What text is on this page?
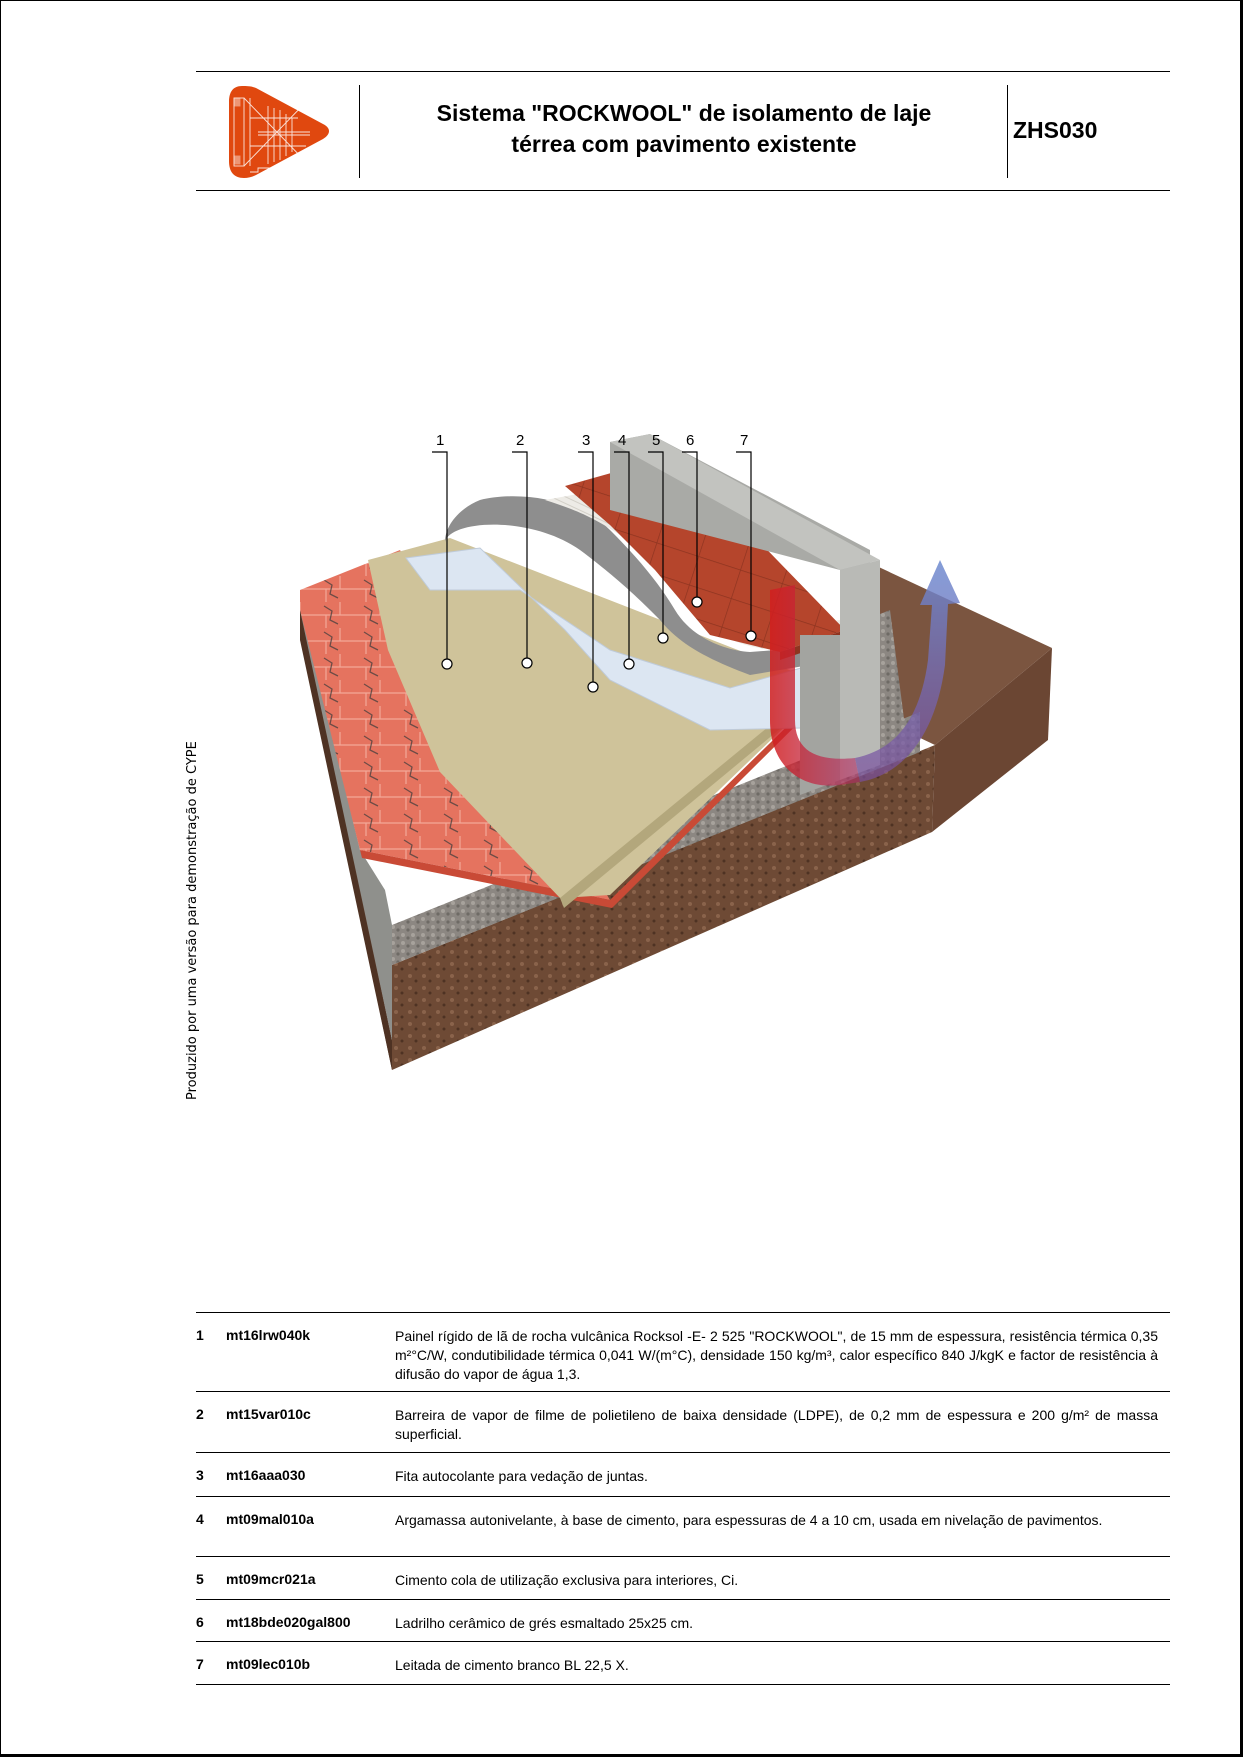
Sistema "ROCKWOOL" de isolamento de laje
térrea com pavimento existente
ZHS030
Produzido por uma versão para demonstração de CYPE
1	2	3 4 5 6	7
1 mt16lrw040k	Painel rígido de lã de rocha vulcânica Rocksol -E- 2 525 "ROCKWOOL", de 15 mm de espessura, resistência térmica 0,35 m²°C/W, condutibilidade térmica 0,041 W/(m°C), densidade 150 kg/m³, calor específico 840 J/kgK e factor de resistência à difusão do vapor de água 1,3.
2 mt15var010c	Barreira de vapor de filme de polietileno de baixa densidade (LDPE), de 0,2 mm de espessura e 200 g/m² de massa superficial.
3 mt16aaa030	Fita autocolante para vedação de juntas.
4 mt09mal010a	Argamassa autonivelante, à base de cimento, para espessuras de 4 a 10 cm, usada em nivelação de pavimentos.
5 mt09mcr021a	Cimento cola de utilização exclusiva para interiores, Ci.
6 mt18bde020gal800	Ladrilho cerâmico de grés esmaltado 25x25 cm.
7 mt09lec010b	Leitada de cimento branco BL 22,5 X.
